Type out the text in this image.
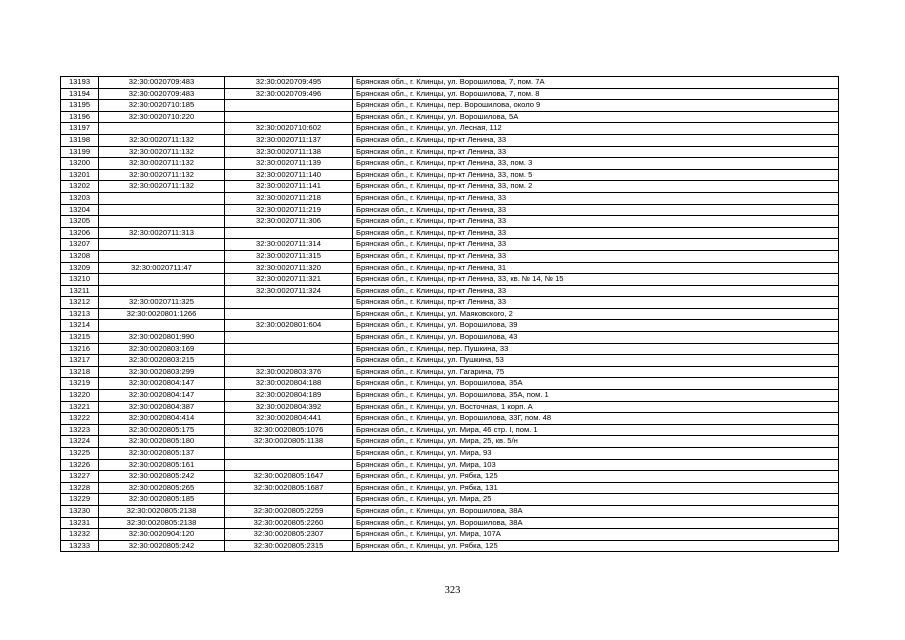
13193	32:30:0020709:483	32:30:0020709:495	Брянская обл., г. Клинцы, ул. Ворошилова, 7, пом. 7А
13194	32:30:0020709:483	32:30:0020709:496	Брянская обл., г. Клинцы, ул. Ворошилова, 7, пом. 8
13195	32:30:0020710:185		Брянская обл., г. Клинцы, пер. Ворошилова, около 9
13196	32:30:0020710:220		Брянская обл., г. Клинцы, ул. Ворошилова, 5А
13197		32:30:0020710:602	Брянская обл., г. Клинцы, ул. Лесная, 112
13198	32:30:0020711:132	32:30:0020711:137	Брянская обл., г. Клинцы, пр-кт Ленина, 33
13199	32:30:0020711:132	32:30:0020711:138	Брянская обл., г. Клинцы, пр-кт Ленина, 33
13200	32:30:0020711:132	32:30:0020711:139	Брянская обл., г. Клинцы, пр-кт Ленина, 33, пом. 3
13201	32:30:0020711:132	32:30:0020711:140	Брянская обл., г. Клинцы, пр-кт Ленина, 33, пом. 5
13202	32:30:0020711:132	32:30:0020711:141	Брянская обл., г. Клинцы, пр-кт Ленина, 33, пом. 2
13203		32:30:0020711:218	Брянская обл., г. Клинцы, пр-кт Ленина, 33
13204		32:30:0020711:219	Брянская обл., г. Клинцы, пр-кт Ленина, 33
13205		32:30:0020711:306	Брянская обл., г. Клинцы, пр-кт Ленина, 33
13206	32:30:0020711:313		Брянская обл., г. Клинцы, пр-кт Ленина, 33
13207		32:30:0020711:314	Брянская обл., г. Клинцы, пр-кт Ленина, 33
13208		32:30:0020711:315	Брянская обл., г. Клинцы, пр-кт Ленина, 33
13209	32:30:0020711:47	32:30:0020711:320	Брянская обл., г. Клинцы, пр-кт Ленина, 31
13210		32:30:0020711:321	Брянская обл., г. Клинцы, пр-кт Ленина, 33, кв. № 14, № 15
13211		32:30:0020711:324	Брянская обл., г. Клинцы, пр-кт Ленина, 33
13212	32:30:0020711:325		Брянская обл., г. Клинцы, пр-кт Ленина, 33
13213	32:30:0020801:1266		Брянская обл., г. Клинцы, ул. Маяковского, 2
13214		32:30:0020801:604	Брянская обл., г. Клинцы, ул. Ворошилова, 39
13215	32:30:0020801:990		Брянская обл., г. Клинцы, ул. Ворошилова, 43
13216	32:30:0020803:169		Брянская обл., г. Клинцы, пер. Пушкина, 33
13217	32:30:0020803:215		Брянская обл., г. Клинцы, ул. Пушкина, 53
13218	32:30:0020803:299	32:30:0020803:376	Брянская обл., г. Клинцы, ул. Гагарина, 75
13219	32:30:0020804:147	32:30:0020804:188	Брянская обл., г. Клинцы, ул. Ворошилова, 35А
13220	32:30:0020804:147	32:30:0020804:189	Брянская обл., г. Клинцы, ул. Ворошилова, 35А, пом. 1
13221	32:30:0020804:387	32:30:0020804:392	Брянская обл., г. Клинцы, ул. Восточная, 1 корп. А
13222	32:30:0020804:414	32:30:0020804:441	Брянская обл., г. Клинцы, ул. Ворошилова, 33Г, пом. 48
13223	32:30:0020805:175	32:30:0020805:1076	Брянская обл., г. Клинцы, ул. Мира, 46 стр. I, пом. 1
13224	32:30:0020805:180	32:30:0020805:1138	Брянская обл., г. Клинцы, ул. Мира, 25, кв. 5/н
13225	32:30:0020805:137		Брянская обл., г. Клинцы, ул. Мира, 93
13226	32:30:0020805:161		Брянская обл., г. Клинцы, ул. Мира, 103
13227	32:30:0020805:242	32:30:0020805:1647	Брянская обл., г. Клинцы, ул. Рябка, 125
13228	32:30:0020805:265	32:30:0020805:1687	Брянская обл., г. Клинцы, ул. Рябка, 131
13229	32:30:0020805:185		Брянская обл., г. Клинцы, ул. Мира, 25
13230	32:30:0020805:2138	32:30:0020805:2259	Брянская обл., г. Клинцы, ул. Ворошилова, 38А
13231	32:30:0020805:2138	32:30:0020805:2260	Брянская обл., г. Клинцы, ул. Ворошилова, 38А
13232	32:30:0020904:120	32:30:0020805:2307	Брянская обл., г. Клинцы, ул. Мира, 107А
13233	32:30:0020805:242	32:30:0020805:2315	Брянская обл., г. Клинцы, ул. Рябка, 125
323
